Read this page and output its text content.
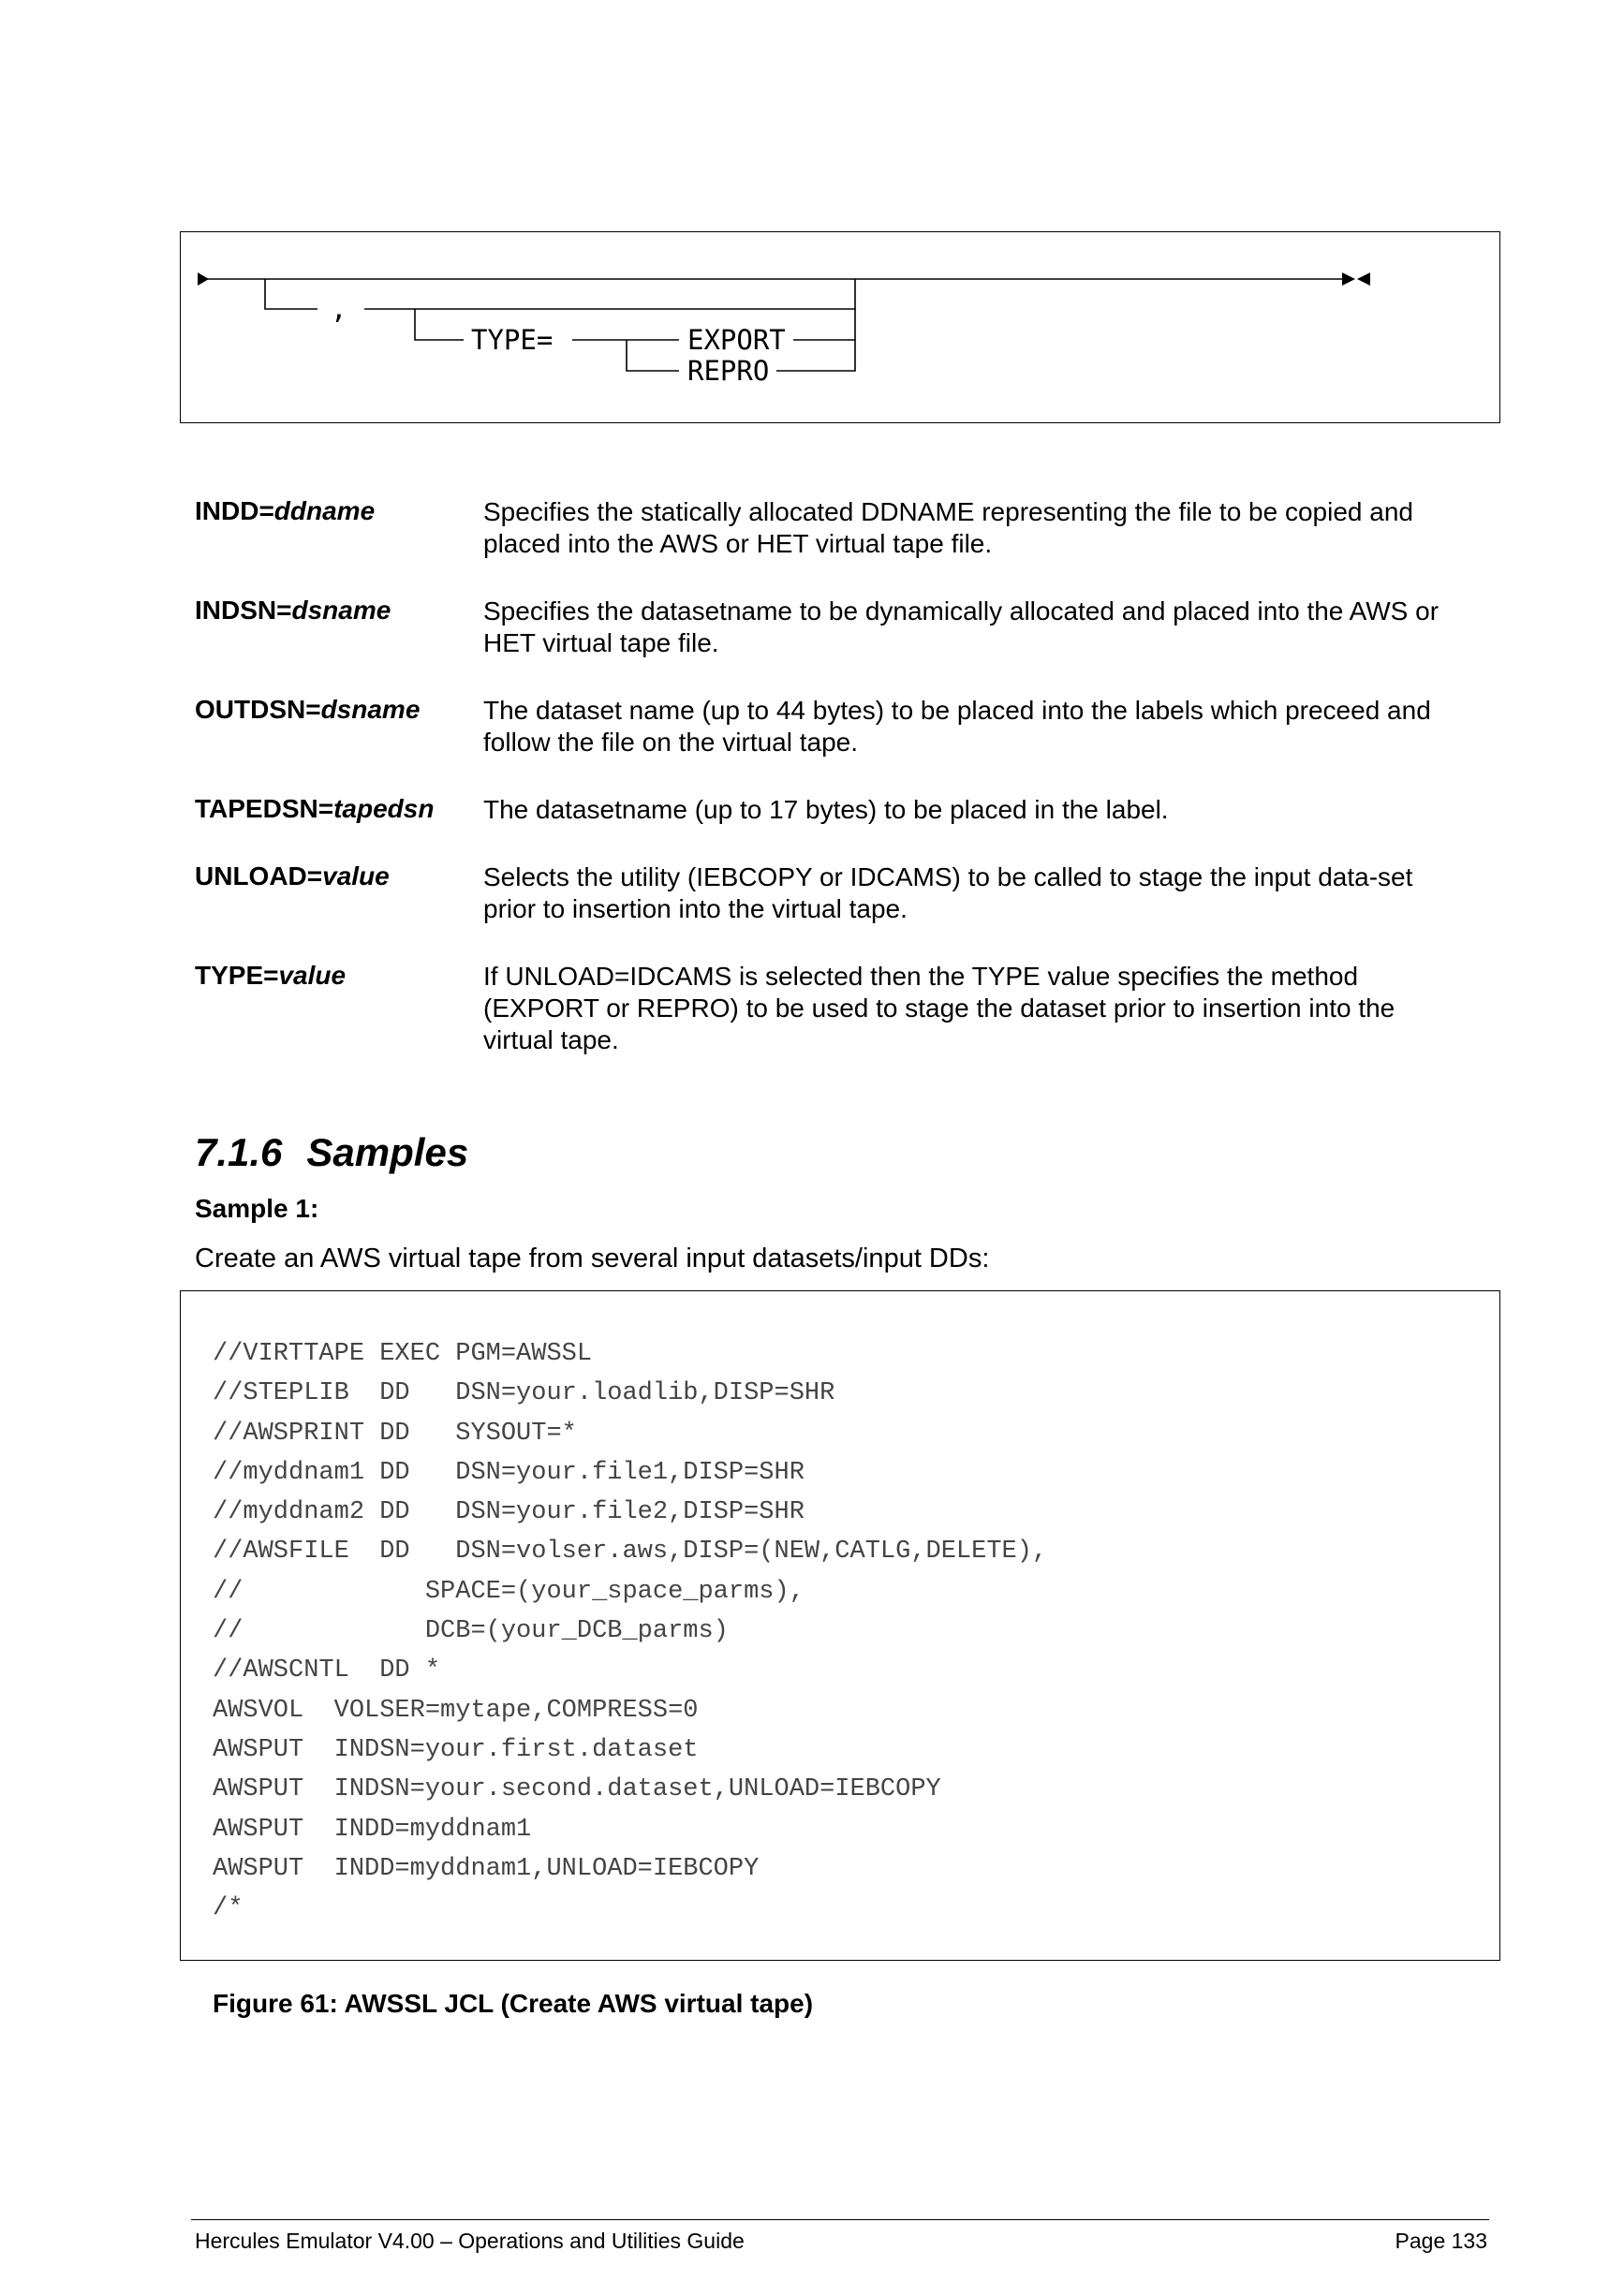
,
TYPE=	EXPORT
REPRO
INDD=ddname	Specifies the statically allocated DDNAME representing the file to be copied and placed into the AWS or HET virtual tape file.
INDSN=dsname	Specifies the datasetname to be dynamically allocated and placed into the AWS or HET virtual tape file.
OUTDSN=dsname The dataset name (up to 44 bytes) to be placed into the labels which preceed and follow the file on the virtual tape.
TAPEDSN=tapedsn The datasetname (up to 17 bytes) to be placed in the label.
UNLOAD=value	Selects the utility (IEBCOPY or IDCAMS) to be called to stage the input data-set prior to insertion into the virtual tape.
TYPE=value	If UNLOAD=IDCAMS is selected then the TYPE value specifies the method (EXPORT or REPRO) to be used to stage the dataset prior to insertion into the virtual tape.
7.1.6 Samples
Sample 1:
Create an AWS virtual tape from several input datasets/input DDs:
//VIRTTAPE EXEC PGM=AWSSL
//STEPLIB  DD   DSN=your.loadlib,DISP=SHR
//AWSPRINT DD   SYSOUT=*
//myddnam1 DD   DSN=your.file1,DISP=SHR
//myddnam2 DD   DSN=your.file2,DISP=SHR
//AWSFILE  DD   DSN=volser.aws,DISP=(NEW,CATLG,DELETE),
//            SPACE=(your_space_parms),
//            DCB=(your_DCB_parms)
//AWSCNTL  DD *
AWSVOL  VOLSER=mytape,COMPRESS=0
AWSPUT  INDSN=your.first.dataset
AWSPUT  INDSN=your.second.dataset,UNLOAD=IEBCOPY
AWSPUT  INDD=myddnam1
AWSPUT  INDD=myddnam1,UNLOAD=IEBCOPY
/*
Figure 61: AWSSL JCL (Create AWS virtual tape)
Hercules Emulator V4.00 – Operations and Utilities Guide	Page 133
